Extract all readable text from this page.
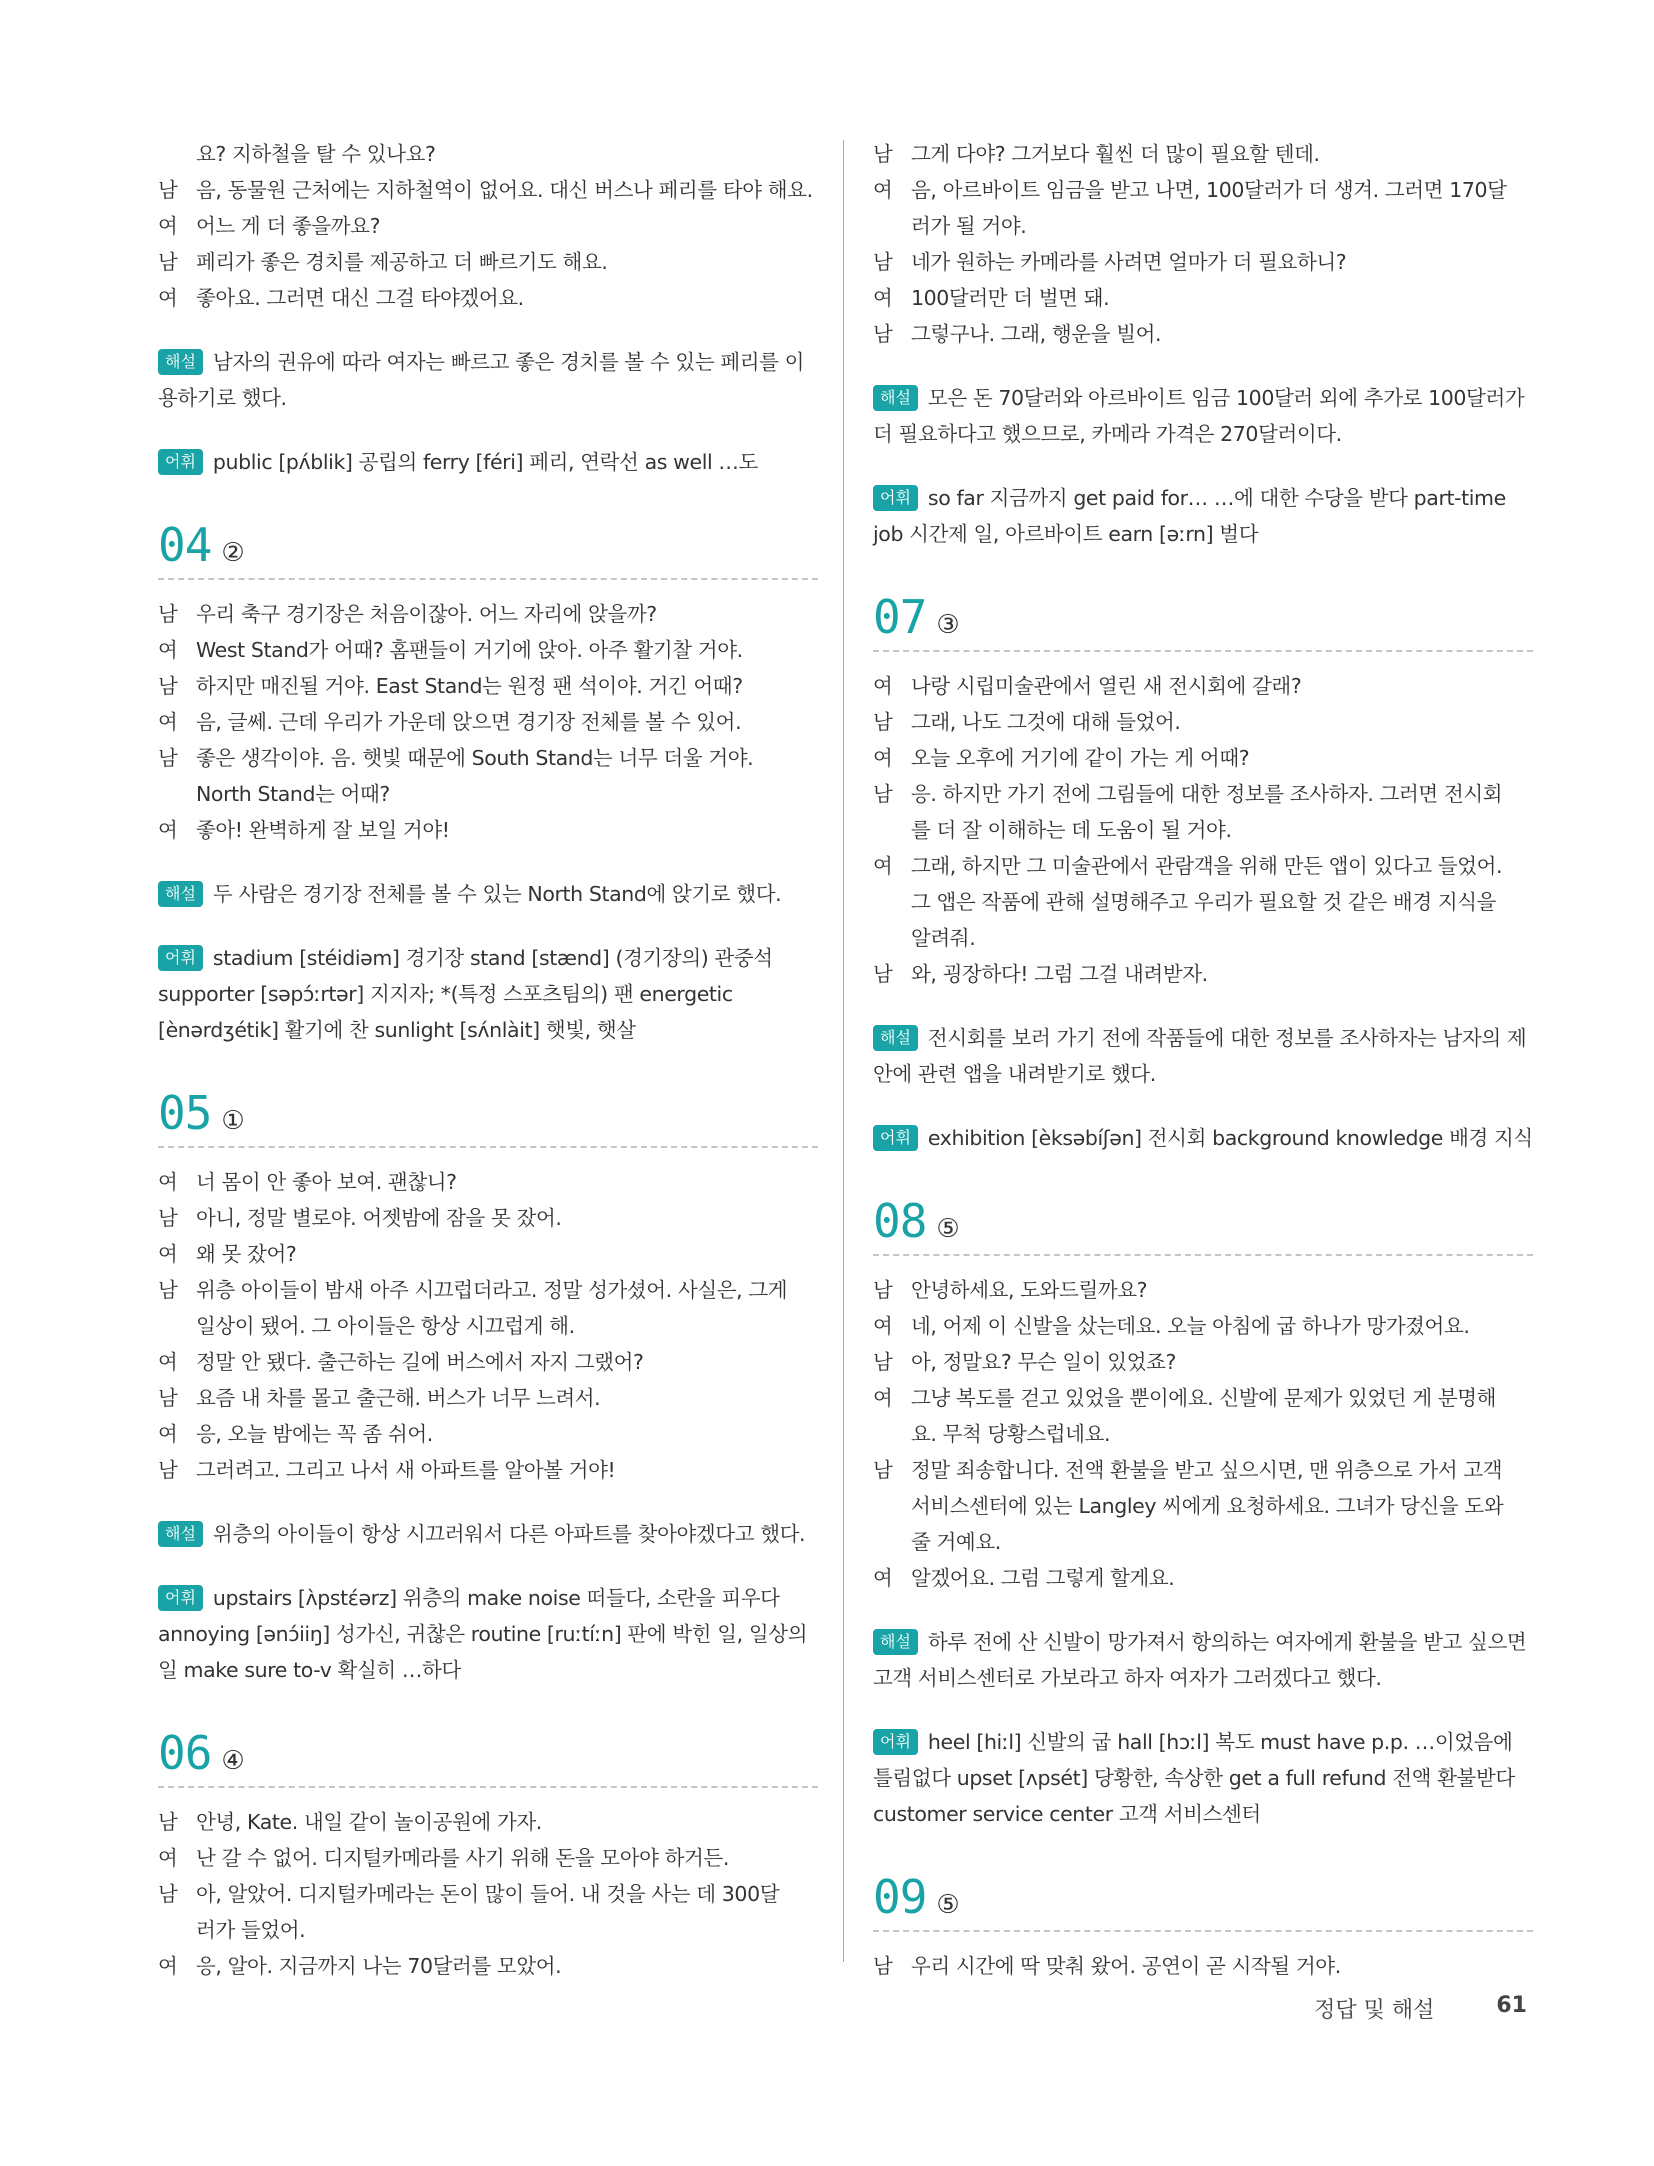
요? 지하철을 탈 수 있나요?
남 음, 동물원 근처에는 지하철역이 없어요. 대신 버스나 페리를 타야 해요.
여 어느 게 더 좋을까요?
남 페리가 좋은 경치를 제공하고 더 빠르기도 해요.
여 좋아요. 그러면 대신 그걸 타야겠어요.
해설 남자의 권유에 따라 여자는 빠르고 좋은 경치를 볼 수 있는 페리를 이용하기로 했다.
어휘 public [pʌ́blik] 공립의 ferry [féri] 페리, 연락선 as well …도
04 ②
남 우리 축구 경기장은 처음이잖아. 어느 자리에 앉을까?
여 West Stand가 어때? 홈팬들이 거기에 앉아. 아주 활기찰 거야.
남 하지만 매진될 거야. East Stand는 원정 팬 석이야. 거긴 어때?
여 음, 글쎄. 근데 우리가 가운데 앉으면 경기장 전체를 볼 수 있어.
남 좋은 생각이야. 음. 햇빛 때문에 South Stand는 너무 더울 거야.
North Stand는 어때?
여 좋아! 완벽하게 잘 보일 거야!
해설 두 사람은 경기장 전체를 볼 수 있는 North Stand에 앉기로 했다.
어휘 stadium [stéidiəm] 경기장 stand [stænd] (경기장의) 관중석 supporter [səpɔ́ːrtər] 지지자; *(특정 스포츠팀의) 팬 energetic [ènərdʒétik] 활기에 찬 sunlight [sʌ́nlàit] 햇빛, 햇살
05 ①
여 너 몸이 안 좋아 보여. 괜찮니?
남 아니, 정말 별로야. 어젯밤에 잠을 못 잤어.
여 왜 못 잤어?
남 위층 아이들이 밤새 아주 시끄럽더라고. 정말 성가셨어. 사실은, 그게
일상이 됐어. 그 아이들은 항상 시끄럽게 해.
여 정말 안 됐다. 출근하는 길에 버스에서 자지 그랬어?
남 요즘 내 차를 몰고 출근해. 버스가 너무 느려서.
여 응, 오늘 밤에는 꼭 좀 쉬어.
남 그러려고. 그리고 나서 새 아파트를 알아볼 거야!
해설 위층의 아이들이 항상 시끄러워서 다른 아파트를 찾아야겠다고 했다.
어휘 upstairs [ʌ̀pstέərz] 위층의 make noise 떠들다, 소란을 피우다 annoying [ənɔ́iiŋ] 성가신, 귀찮은 routine [ruːtíːn] 판에 박힌 일, 일상의 일 make sure to-v 확실히 …하다
06 ④
남 안녕, Kate. 내일 같이 놀이공원에 가자.
여 난 갈 수 없어. 디지털카메라를 사기 위해 돈을 모아야 하거든.
남 아, 알았어. 디지털카메라는 돈이 많이 들어. 내 것을 사는 데 300달
러가 들었어.
여 응, 알아. 지금까지 나는 70달러를 모았어.
남 그게 다야? 그거보다 훨씬 더 많이 필요할 텐데.
여 음, 아르바이트 임금을 받고 나면, 100달러가 더 생겨. 그러면 170달
러가 될 거야.
남 네가 원하는 카메라를 사려면 얼마가 더 필요하니?
여 100달러만 더 벌면 돼.
남 그렇구나. 그래, 행운을 빌어.
해설 모은 돈 70달러와 아르바이트 임금 100달러 외에 추가로 100달러가 더 필요하다고 했으므로, 카메라 가격은 270달러이다.
어휘 so far 지금까지 get paid for… …에 대한 수당을 받다 part-time job 시간제 일, 아르바이트 earn [əːrn] 벌다
07 ③
여 나랑 시립미술관에서 열린 새 전시회에 갈래?
남 그래, 나도 그것에 대해 들었어.
여 오늘 오후에 거기에 같이 가는 게 어때?
남 응. 하지만 가기 전에 그림들에 대한 정보를 조사하자. 그러면 전시회
를 더 잘 이해하는 데 도움이 될 거야.
여 그래, 하지만 그 미술관에서 관람객을 위해 만든 앱이 있다고 들었어.
그 앱은 작품에 관해 설명해주고 우리가 필요할 것 같은 배경 지식을
알려줘.
남 와, 굉장하다! 그럼 그걸 내려받자.
해설 전시회를 보러 가기 전에 작품들에 대한 정보를 조사하자는 남자의 제안에 관련 앱을 내려받기로 했다.
어휘 exhibition [èksəbíʃən] 전시회 background knowledge 배경 지식
08 ⑤
남 안녕하세요, 도와드릴까요?
여 네, 어제 이 신발을 샀는데요. 오늘 아침에 굽 하나가 망가졌어요.
남 아, 정말요? 무슨 일이 있었죠?
여 그냥 복도를 걷고 있었을 뿐이에요. 신발에 문제가 있었던 게 분명해
요. 무척 당황스럽네요.
남 정말 죄송합니다. 전액 환불을 받고 싶으시면, 맨 위층으로 가서 고객
서비스센터에 있는 Langley 씨에게 요청하세요. 그녀가 당신을 도와
줄 거예요.
여 알겠어요. 그럼 그렇게 할게요.
해설 하루 전에 산 신발이 망가져서 항의하는 여자에게 환불을 받고 싶으면 고객 서비스센터로 가보라고 하자 여자가 그러겠다고 했다.
어휘 heel [hiːl] 신발의 굽 hall [hɔːl] 복도 must have p.p. …이었음에 틀림없다 upset [ʌpsét] 당황한, 속상한 get a full refund 전액 환불받다 customer service center 고객 서비스센터
09 ⑤
남 우리 시간에 딱 맞춰 왔어. 공연이 곧 시작될 거야.
정답 및 해설	61
